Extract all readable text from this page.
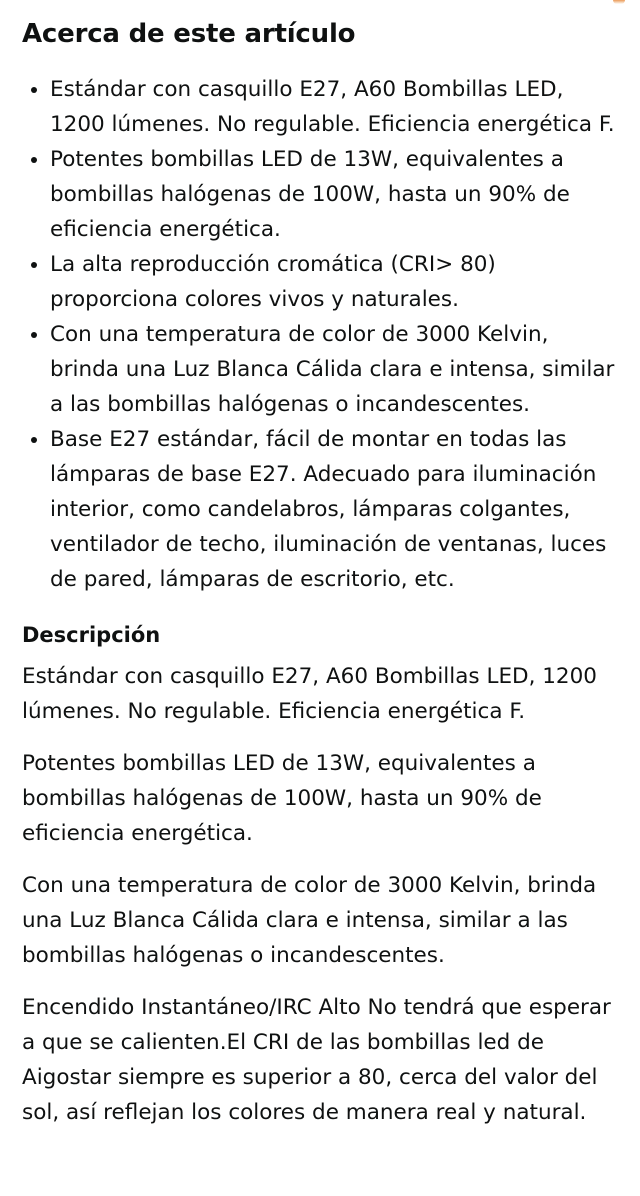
Acerca de este artículo
Estándar con casquillo E27, A60 Bombillas LED, 1200 lúmenes. No regulable. Eficiencia energética F.
Potentes bombillas LED de 13W, equivalentes a bombillas halógenas de 100W, hasta un 90% de eficiencia energética.
La alta reproducción cromática (CRI> 80) proporciona colores vivos y naturales.
Con una temperatura de color de 3000 Kelvin, brinda una Luz Blanca Cálida clara e intensa, similar a las bombillas halógenas o incandescentes.
Base E27 estándar, fácil de montar en todas las lámparas de base E27. Adecuado para iluminación interior, como candelabros, lámparas colgantes, ventilador de techo, iluminación de ventanas, luces de pared, lámparas de escritorio, etc.
Descripción

Estándar con casquillo E27, A60 Bombillas LED, 1200 lúmenes. No regulable. Eficiencia energética F.

Potentes bombillas LED de 13W, equivalentes a bombillas halógenas de 100W, hasta un 90% de eficiencia energética.

Con una temperatura de color de 3000 Kelvin, brinda una Luz Blanca Cálida clara e intensa, similar a las bombillas halógenas o incandescentes.

Encendido Instantáneo/IRC Alto No tendrá que esperar a que se calienten.El CRI de las bombillas led de Aigostar siempre es superior a 80, cerca del valor del sol, así reflejan los colores de manera real y natural.
